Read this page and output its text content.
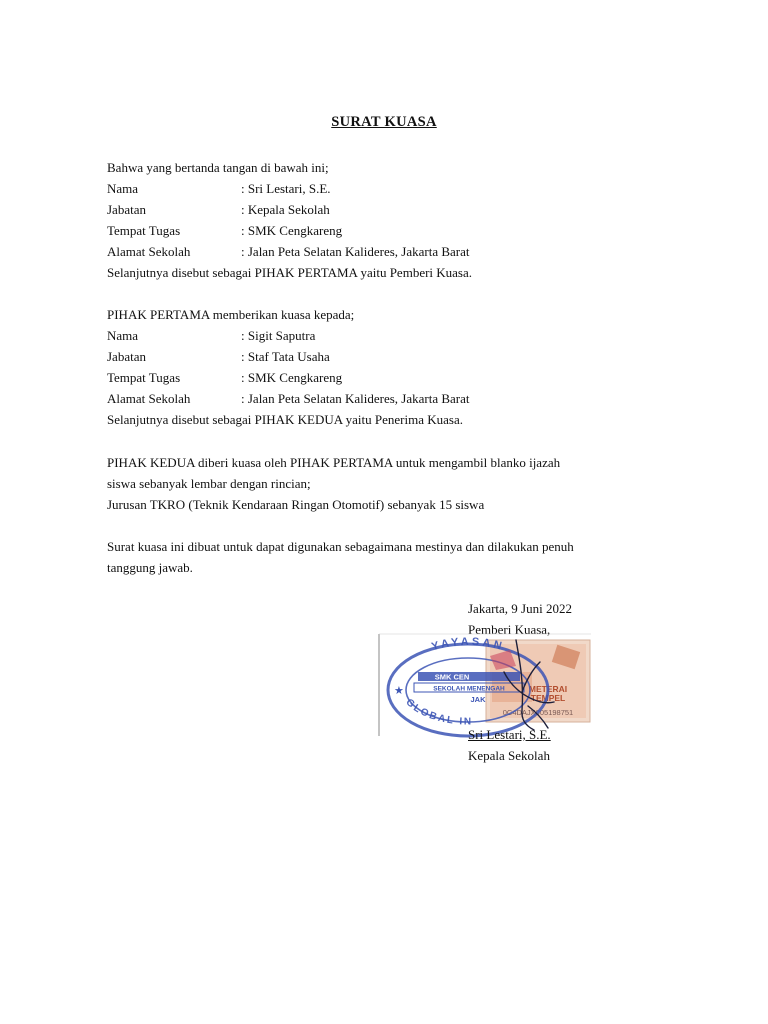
SURAT KUASA
Bahwa yang bertanda tangan di bawah ini;
Nama	: Sri Lestari, S.E.
Jabatan	: Kepala Sekolah
Tempat Tugas	: SMK Cengkareng
Alamat Sekolah	: Jalan Peta Selatan Kalideres, Jakarta Barat
Selanjutnya disebut sebagai PIHAK PERTAMA yaitu Pemberi Kuasa.
PIHAK PERTAMA memberikan kuasa kepada;
Nama	: Sigit Saputra
Jabatan	: Staf Tata Usaha
Tempat Tugas	: SMK Cengkareng
Alamat Sekolah	: Jalan Peta Selatan Kalideres, Jakarta Barat
Selanjutnya disebut sebagai PIHAK KEDUA yaitu Penerima Kuasa.
PIHAK KEDUA diberi kuasa oleh PIHAK PERTAMA untuk mengambil blanko ijazah
siswa sebanyak lembar dengan rincian;
Jurusan TKRO (Teknik Kendaraan Ringan Otomotif) sebanyak 15 siswa
Surat kuasa ini dibuat untuk dapat digunakan sebagaimana mestinya dan dilakukan penuh
tanggung jawab.
Jakarta, 9 Juni 2022
Pemberi Kuasa,
METERAI
TEMPEL
0C4DAJX005198751
YAYASAN
GLOBAL IN
★
SMK CEN
SEKOLAH MENENGAH
JAK
Sri Lestari, S.E.
Kepala Sekolah
